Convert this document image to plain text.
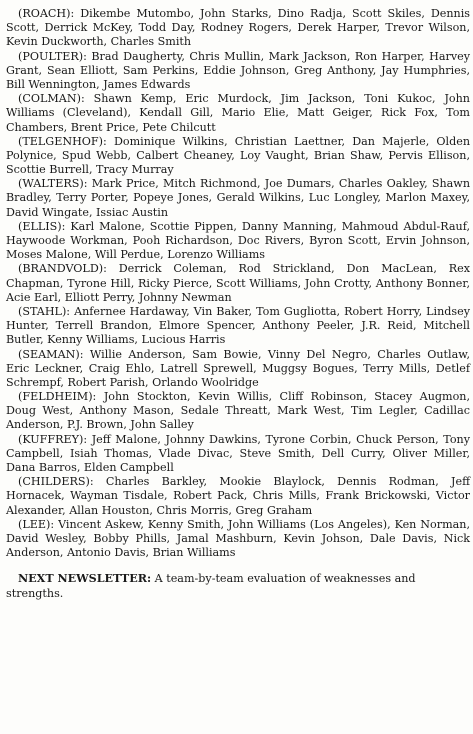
(ROACH): Dikembe Mutombo, John Starks, Dino Radja, Scott Skiles, Dennis Scott, Derrick McKey, Todd Day, Rodney Rogers, Derek Harper, Trevor Wilson, Kevin Duckworth, Charles Smith

(POULTER): Brad Daugherty, Chris Mullin, Mark Jackson, Ron Harper, Harvey Grant, Sean Elliott, Sam Perkins, Eddie Johnson, Greg Anthony, Jay Humphries, Bill Wennington, James Edwards

(COLMAN): Shawn Kemp, Eric Murdock, Jim Jackson, Toni Kukoc, John Williams (Cleveland), Kendall Gill, Mario Elie, Matt Geiger, Rick Fox, Tom Chambers, Brent Price, Pete Chilcutt

(TELGENHOF): Dominique Wilkins, Christian Laettner, Dan Majerle, Olden Polynice, Spud Webb, Calbert Cheaney, Loy Vaught, Brian Shaw, Pervis Ellison, Scottie Burrell, Tracy Murray

(WALTERS): Mark Price, Mitch Richmond, Joe Dumars, Charles Oakley, Shawn Bradley, Terry Porter, Popeye Jones, Gerald Wilkins, Luc Longley, Marlon Maxey, David Wingate, Issiac Austin

(ELLIS): Karl Malone, Scottie Pippen, Danny Manning, Mahmoud Abdul-Rauf, Haywoode Workman, Pooh Richardson, Doc Rivers, Byron Scott, Ervin Johnson, Moses Malone, Will Perdue, Lorenzo Williams

(BRANDVOLD): Derrick Coleman, Rod Strickland, Don MacLean, Rex Chapman, Tyrone Hill, Ricky Pierce, Scott Williams, John Crotty, Anthony Bonner, Acie Earl, Elliott Perry, Johnny Newman

(STAHL): Anfernee Hardaway, Vin Baker, Tom Gugliotta, Robert Horry, Lindsey Hunter, Terrell Brandon, Elmore Spencer, Anthony Peeler, J.R. Reid, Mitchell Butler, Kenny Williams, Lucious Harris

(SEAMAN): Willie Anderson, Sam Bowie, Vinny Del Negro, Charles Outlaw, Eric Leckner, Craig Ehlo, Latrell Sprewell, Muggsy Bogues, Terry Mills, Detlef Schrempf, Robert Parish, Orlando Woolridge

(FELDHEIM): John Stockton, Kevin Willis, Cliff Robinson, Stacey Augmon, Doug West, Anthony Mason, Sedale Threatt, Mark West, Tim Legler, Cadillac Anderson, P.J. Brown, John Salley

(KUFFREY): Jeff Malone, Johnny Dawkins, Tyrone Corbin, Chuck Person, Tony Campbell, Isiah Thomas, Vlade Divac, Steve Smith, Dell Curry, Oliver Miller, Dana Barros, Elden Campbell

(CHILDERS): Charles Barkley, Mookie Blaylock, Dennis Rodman, Jeff Hornacek, Wayman Tisdale, Robert Pack, Chris Mills, Frank Brickowski, Victor Alexander, Allan Houston, Chris Morris, Greg Graham

(LEE): Vincent Askew, Kenny Smith, John Williams (Los Angeles), Ken Norman, David Wesley, Bobby Phills, Jamal Mashburn, Kevin Johson, Dale Davis, Nick Anderson, Antonio Davis, Brian Williams

NEXT NEWSLETTER: A team-by-team evaluation of weaknesses and strengths.
